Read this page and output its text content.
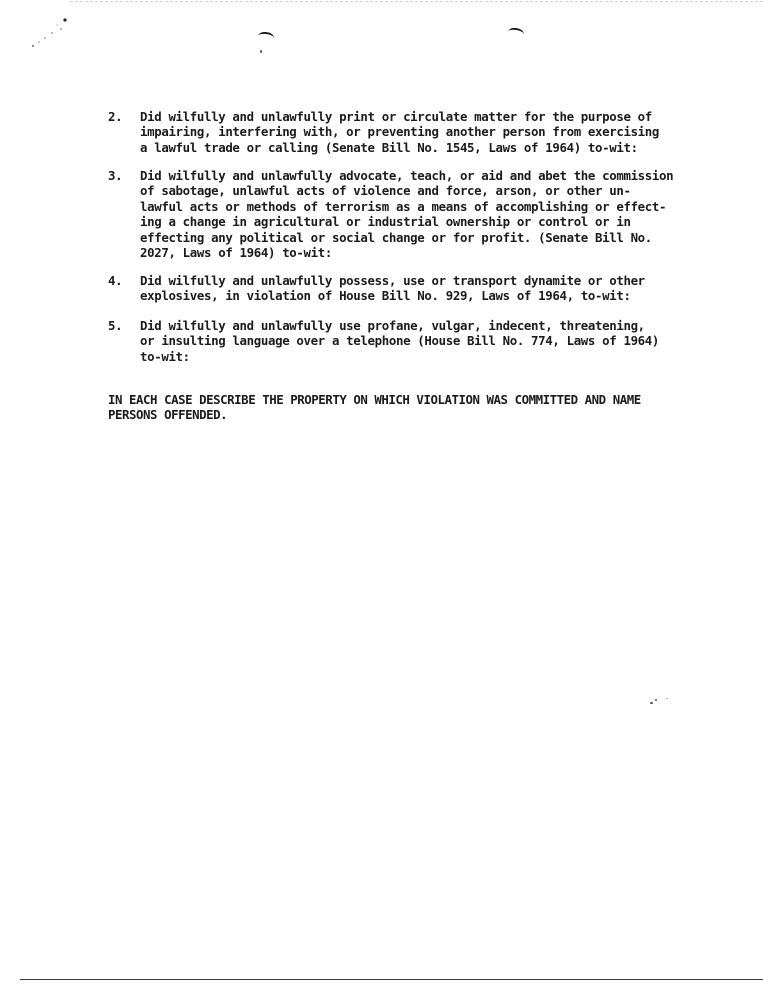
2.	Did wilfully and unlawfully print or circulate matter for the purpose of
impairing, interfering with, or preventing another person from exercising
a lawful trade or calling (Senate Bill No. 1545, Laws of 1964) to-wit:
3.	Did wilfully and unlawfully advocate, teach, or aid and abet the commission
of sabotage, unlawful acts of violence and force, arson, or other un-
lawful acts or methods of terrorism as a means of accomplishing or effect-
ing a change in agricultural or industrial ownership or control or in
effecting any political or social change or for profit. (Senate Bill No.
2027, Laws of 1964) to-wit:
4.	Did wilfully and unlawfully possess, use or transport dynamite or other
explosives, in violation of House Bill No. 929, Laws of 1964, to-wit:
5.	Did wilfully and unlawfully use profane, vulgar, indecent, threatening,
or insulting language over a telephone (House Bill No. 774, Laws of 1964)
to-wit:
IN EACH CASE DESCRIBE THE PROPERTY ON WHICH VIOLATION WAS COMMITTED AND NAME
PERSONS OFFENDED.
